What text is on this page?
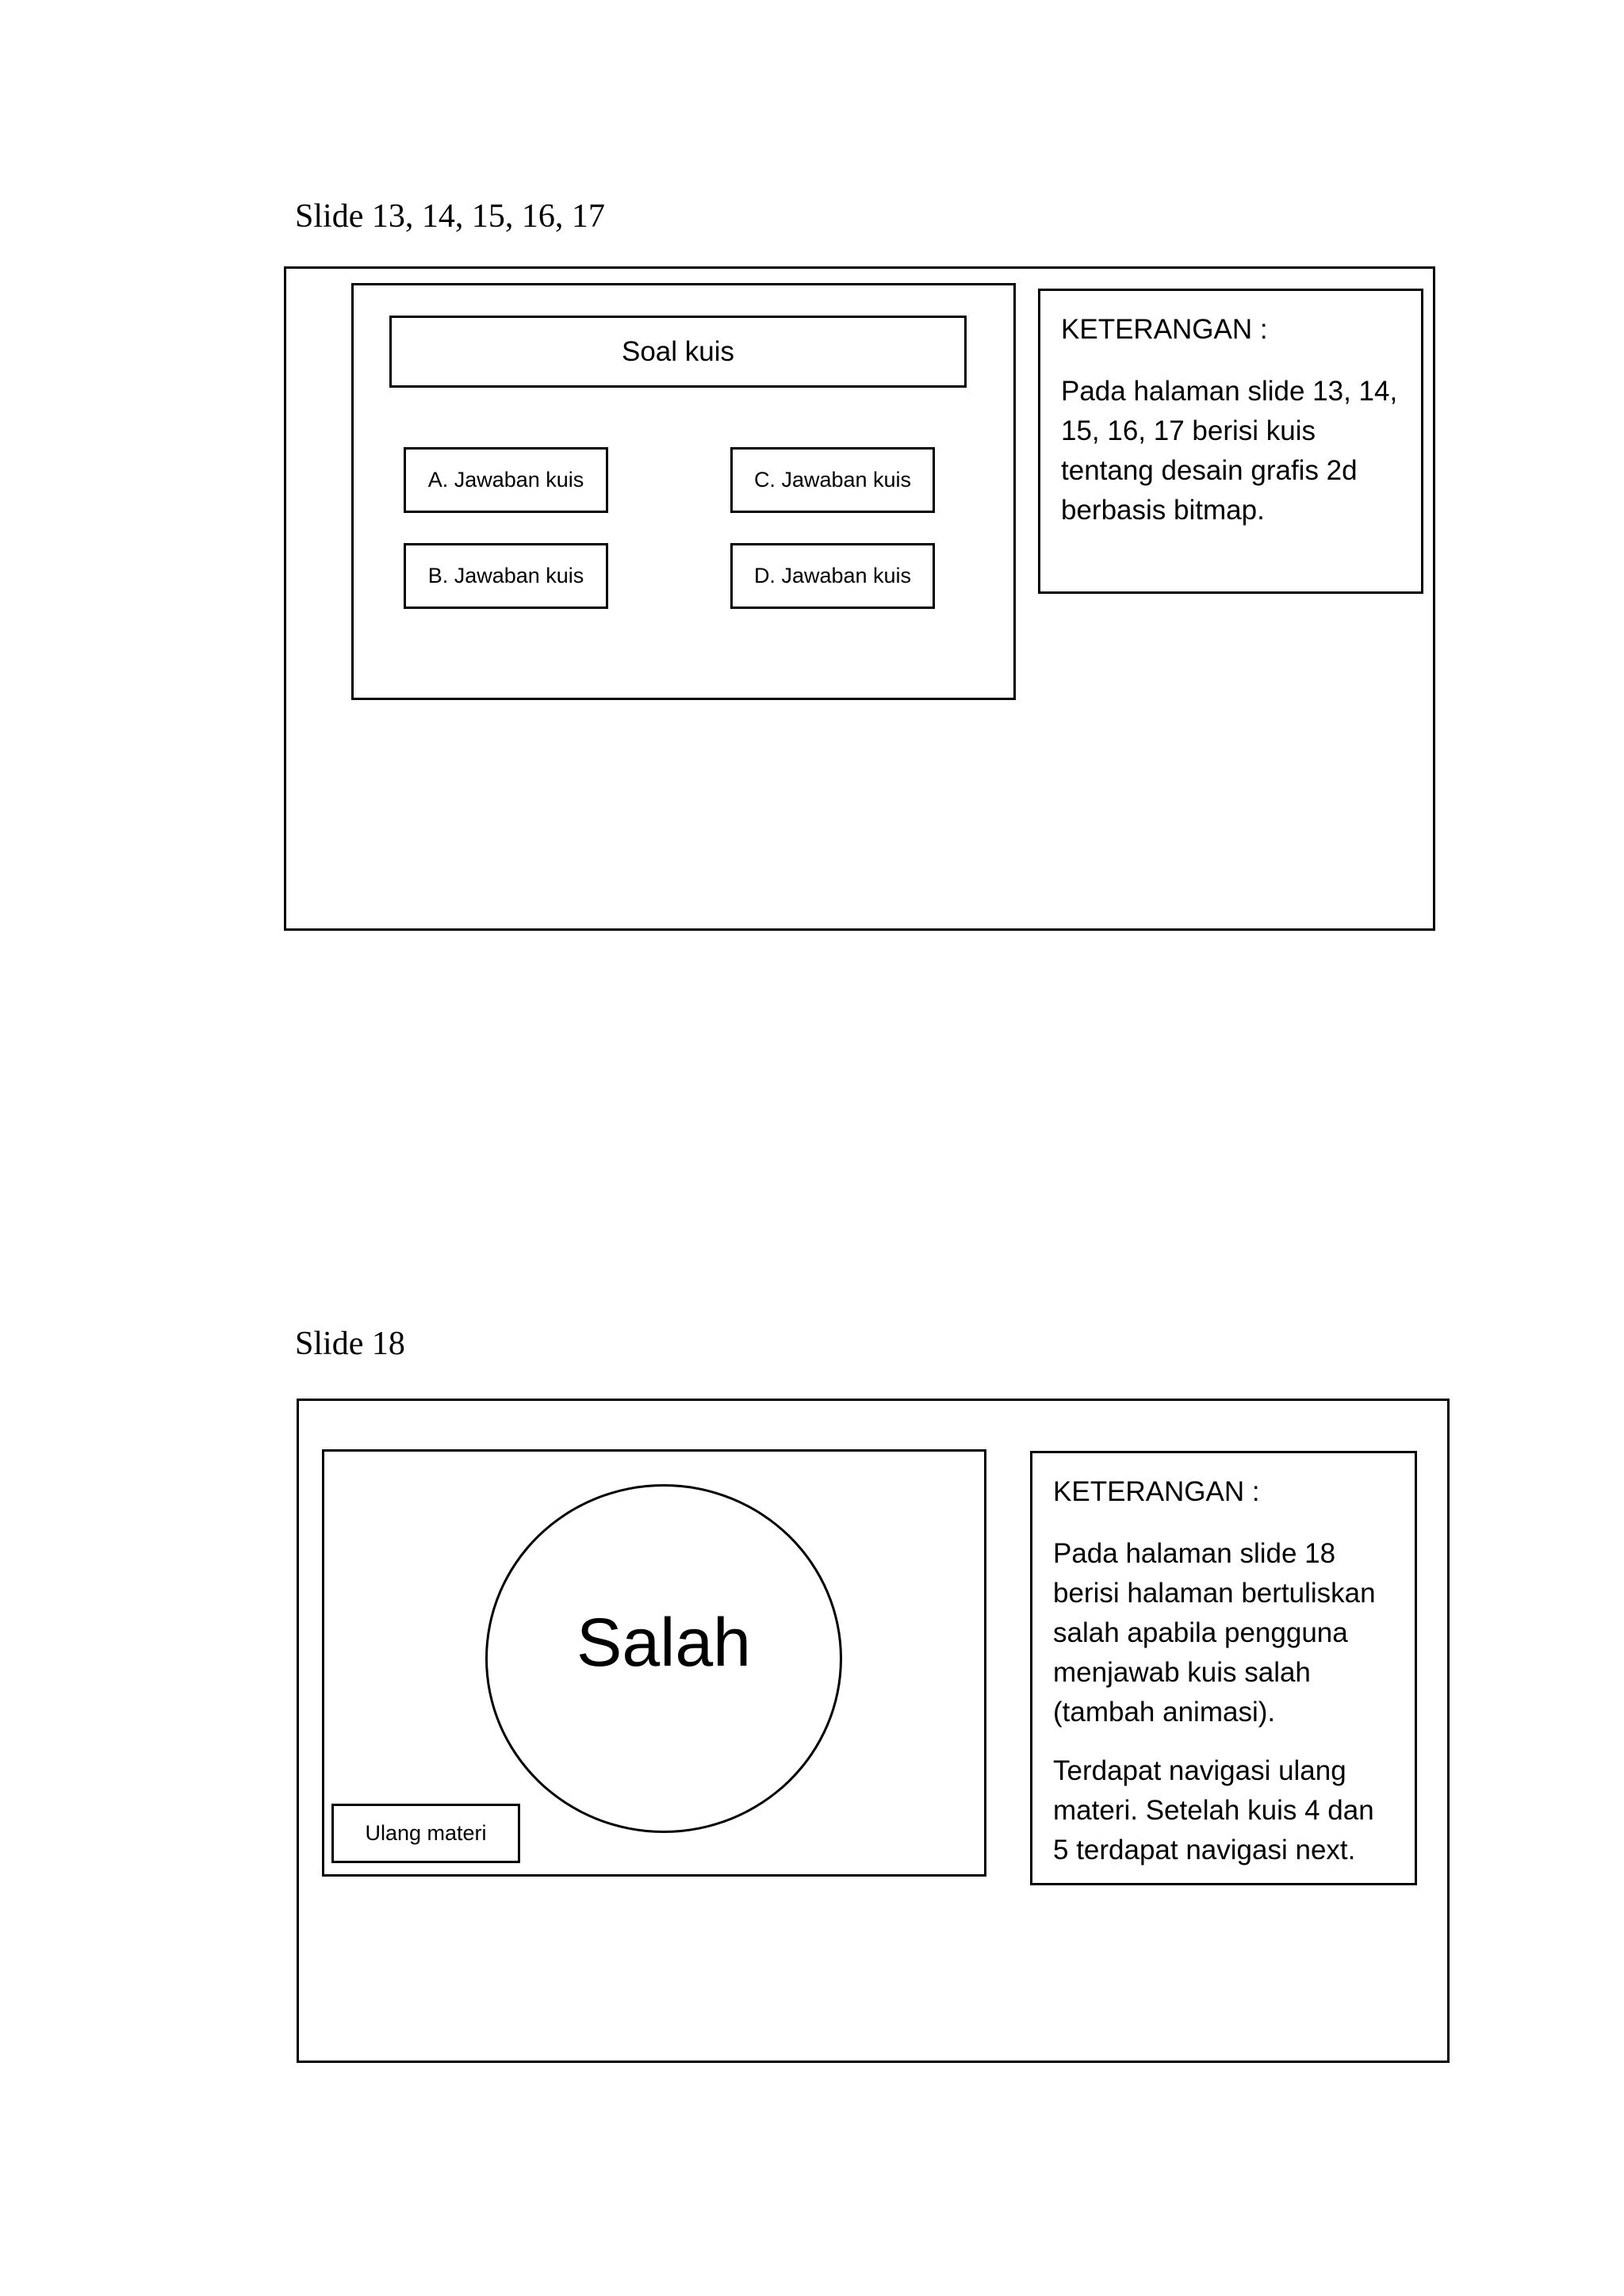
Slide 13, 14, 15, 16, 17
Soal kuis
A. Jawaban kuis
B. Jawaban kuis
C. Jawaban kuis
D. Jawaban kuis

KETERANGAN :

Pada halaman slide 13, 14, 15, 16, 17 berisi kuis tentang desain grafis 2d berbasis bitmap.

Slide 18
Salah
Ulang materi

KETERANGAN :

Pada halaman slide 18 berisi halaman bertuliskan salah apabila pengguna menjawab kuis salah (tambah animasi).

Terdapat navigasi ulang materi. Setelah kuis 4 dan 5 terdapat navigasi next.
